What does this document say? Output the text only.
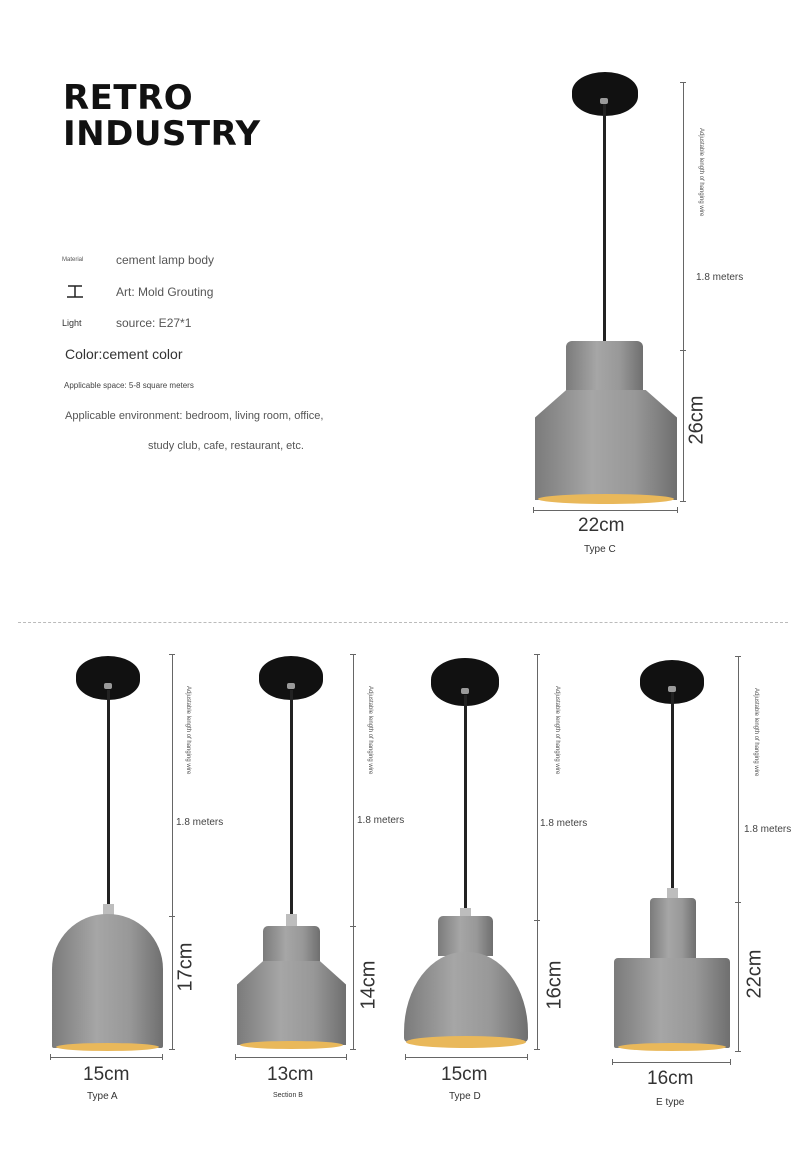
RETRO
INDUSTRY
Material	cement lamp body
Art: Mold Grouting
Light	source: E27*1
Color:cement color
Applicable space: 5-8 square meters
Applicable environment: bedroom, living room, office,
study club, cafe, restaurant, etc.
Adjustable length of hanging wire
1.8 meters
26cm
22cm
Type C
Adjustable length of hanging wire
1.8 meters
17cm
15cm
Type A
Adjustable length of hanging wire
1.8 meters
14cm
13cm
Section B
Adjustable length of hanging wire
1.8 meters
16cm
15cm
Type D
Adjustable length of hanging wire
1.8 meters
22cm
16cm
E type
